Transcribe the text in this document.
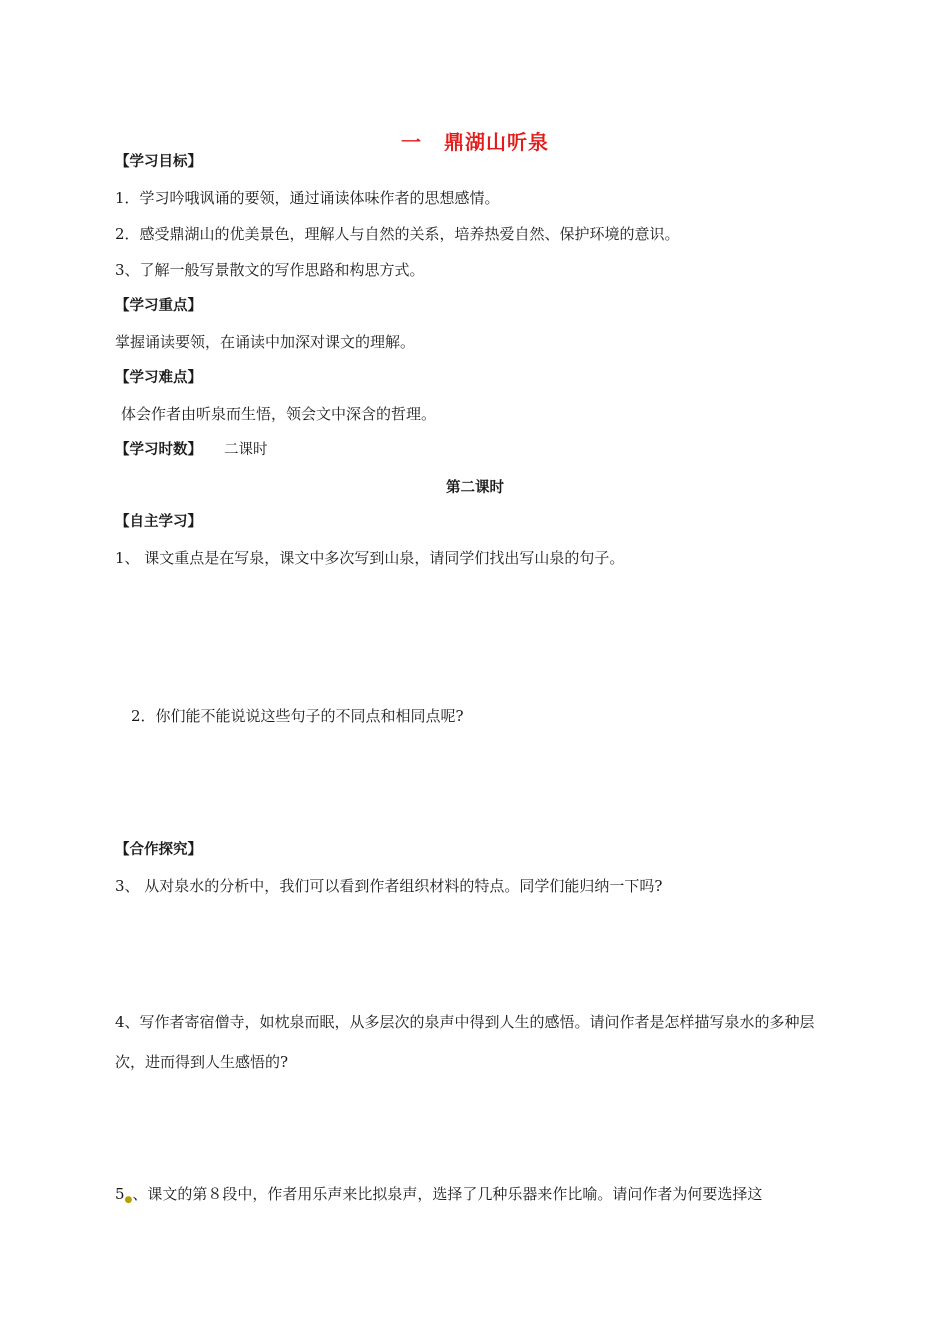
一 鼎湖山听泉
【学习目标】
1．学习吟哦讽诵的要领，通过诵读体味作者的思想感情。
2．感受鼎湖山的优美景色，理解人与自然的关系，培养热爱自然、保护环境的意识。
3、了解一般写景散文的写作思路和构思方式。
【学习重点】
掌握诵读要领，在诵读中加深对课文的理解。
【学习难点】
体会作者由听泉而生悟，领会文中深含的哲理。
【学习时数】 二课时
第二课时
【自主学习】
1、 课文重点是在写泉，课文中多次写到山泉，请同学们找出写山泉的句子。
2．你们能不能说说这些句子的不同点和相同点呢?
【合作探究】
3、 从对泉水的分析中，我们可以看到作者组织材料的特点。同学们能归纳一下吗?
4、写作者寄宿僧寺，如枕泉而眠，从多层次的泉声中得到人生的感悟。请问作者是怎样描写泉水的多种层次，进而得到人生感悟的?
$5_●$、课文的第８段中，作者用乐声来比拟泉声，选择了几种乐器来作比喻。请问作者为何要选择这
